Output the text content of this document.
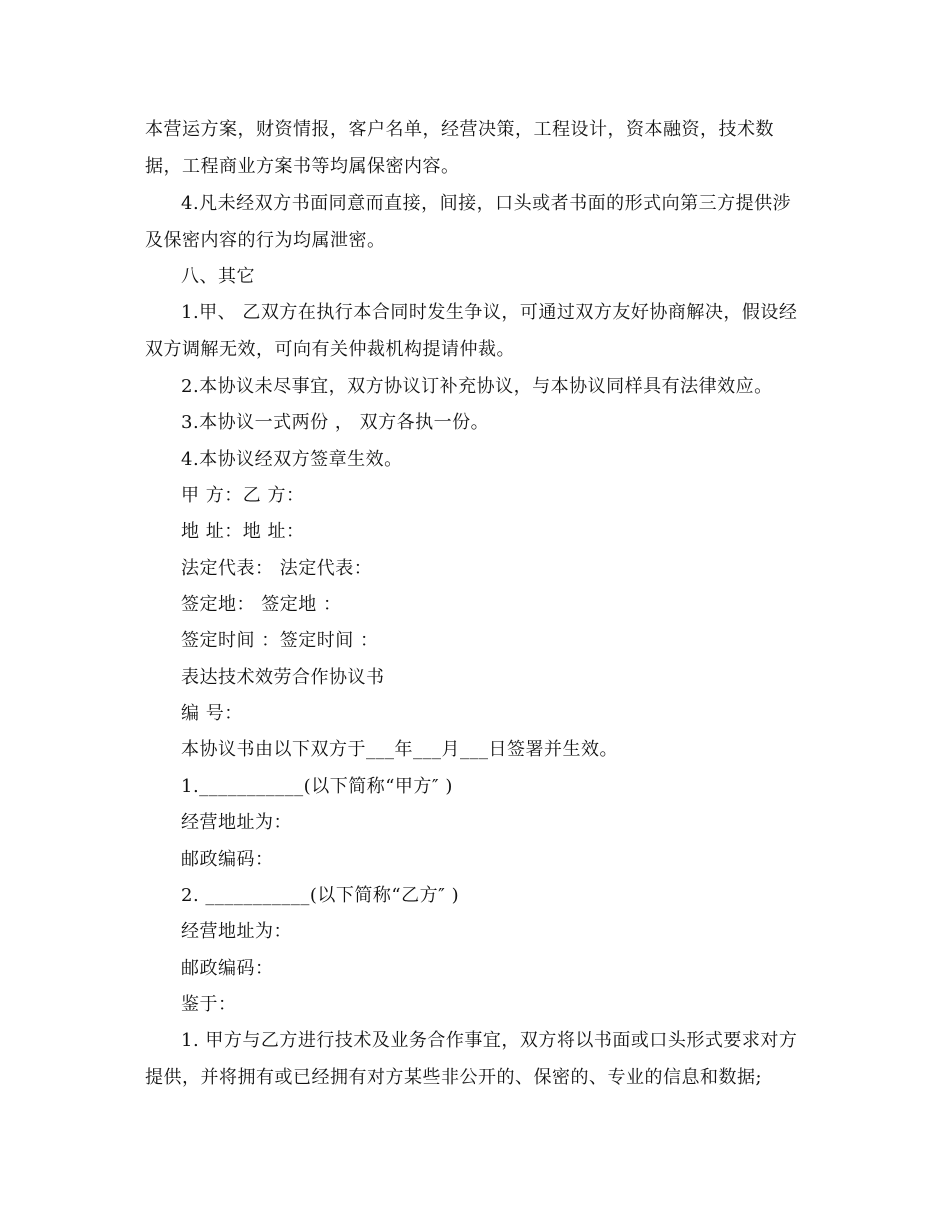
本营运方案，财资情报，客户名单，经营决策，工程设计，资本融资，技术数
据，工程商业方案书等均属保密内容。
4.凡未经双方书面同意而直接，间接，口头或者书面的形式向第三方提供涉
及保密内容的行为均属泄密。
八、其它
1.甲、 乙双方在执行本合同时发生争议，可通过双方友好协商解决，假设经
双方调解无效，可向有关仲裁机构提请仲裁。
2.本协议未尽事宜，双方协议订补充协议，与本协议同样具有法律效应。
3.本协议一式两份 ， 双方各执一份。
4.本协议经双方签章生效。
甲 方：乙 方：
地 址：地 址：
法定代表： 法定代表：
签定地： 签定地 ：
签定时间 ：签定时间 ：
表达技术效劳合作协议书
编 号：
本协议书由以下双方于___年___月___日签署并生效。
1.___________(以下简称“甲方″ )
经营地址为：
邮政编码：
2. ___________(以下简称“乙方″ )
经营地址为：
邮政编码：
鉴于：
1. 甲方与乙方进行技术及业务合作事宜，双方将以书面或口头形式要求对方
提供，并将拥有或已经拥有对方某些非公开的、保密的、专业的信息和数据;
